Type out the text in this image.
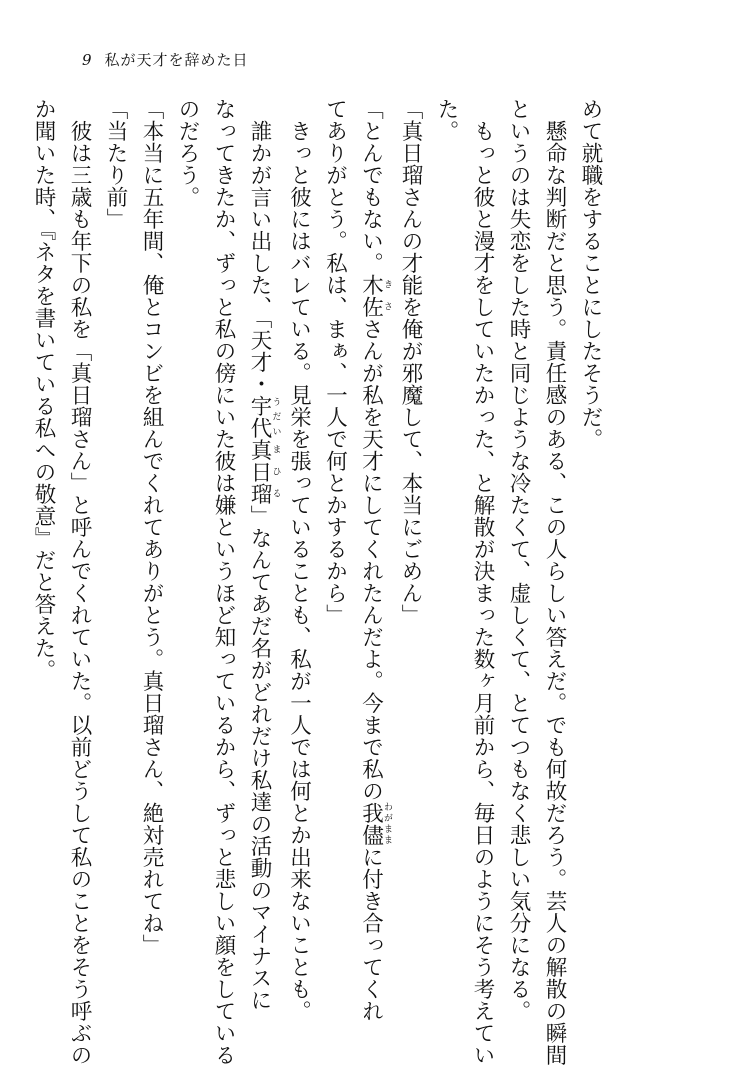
9 私が天才を辞めた日
めて就職をすることにしたそうだ。
懸命な判断だと思う。責任感のある、この人らしい答えだ。でも何故だろう。芸人の解散の瞬間
というのは失恋をした時と同じような冷たくて、虚しくて、とてつもなく悲しい気分になる。
もっと彼と漫才をしていたかった、と解散が決まった数ヶ月前から、毎日のようにそう考えてい
た。
「真日瑠さんの才能を俺が邪魔して、本当にごめん」
「とんでもない。木佐きささんが私を天才にしてくれたんだよ。今まで私の我儘わがままに付き合ってくれ
てありがとう。私は、まぁ、一人で何とかするから」
きっと彼にはバレている。見栄を張っていることも、私が一人では何とか出来ないことも。
誰かが言い出した、「天才・宇代うだい真日瑠まひる」なんてあだ名がどれだけ私達の活動のマイナスに
なってきたか、ずっと私の傍にいた彼は嫌というほど知っているから、ずっと悲しい顔をしている
のだろう。
「本当に五年間、俺とコンビを組んでくれてありがとう。真日瑠さん、絶対売れてね」
「当たり前」
彼は三歳も年下の私を「真日瑠さん」と呼んでくれていた。以前どうして私のことをそう呼ぶの
か聞いた時、『ネタを書いている私への敬意』だと答えた。
